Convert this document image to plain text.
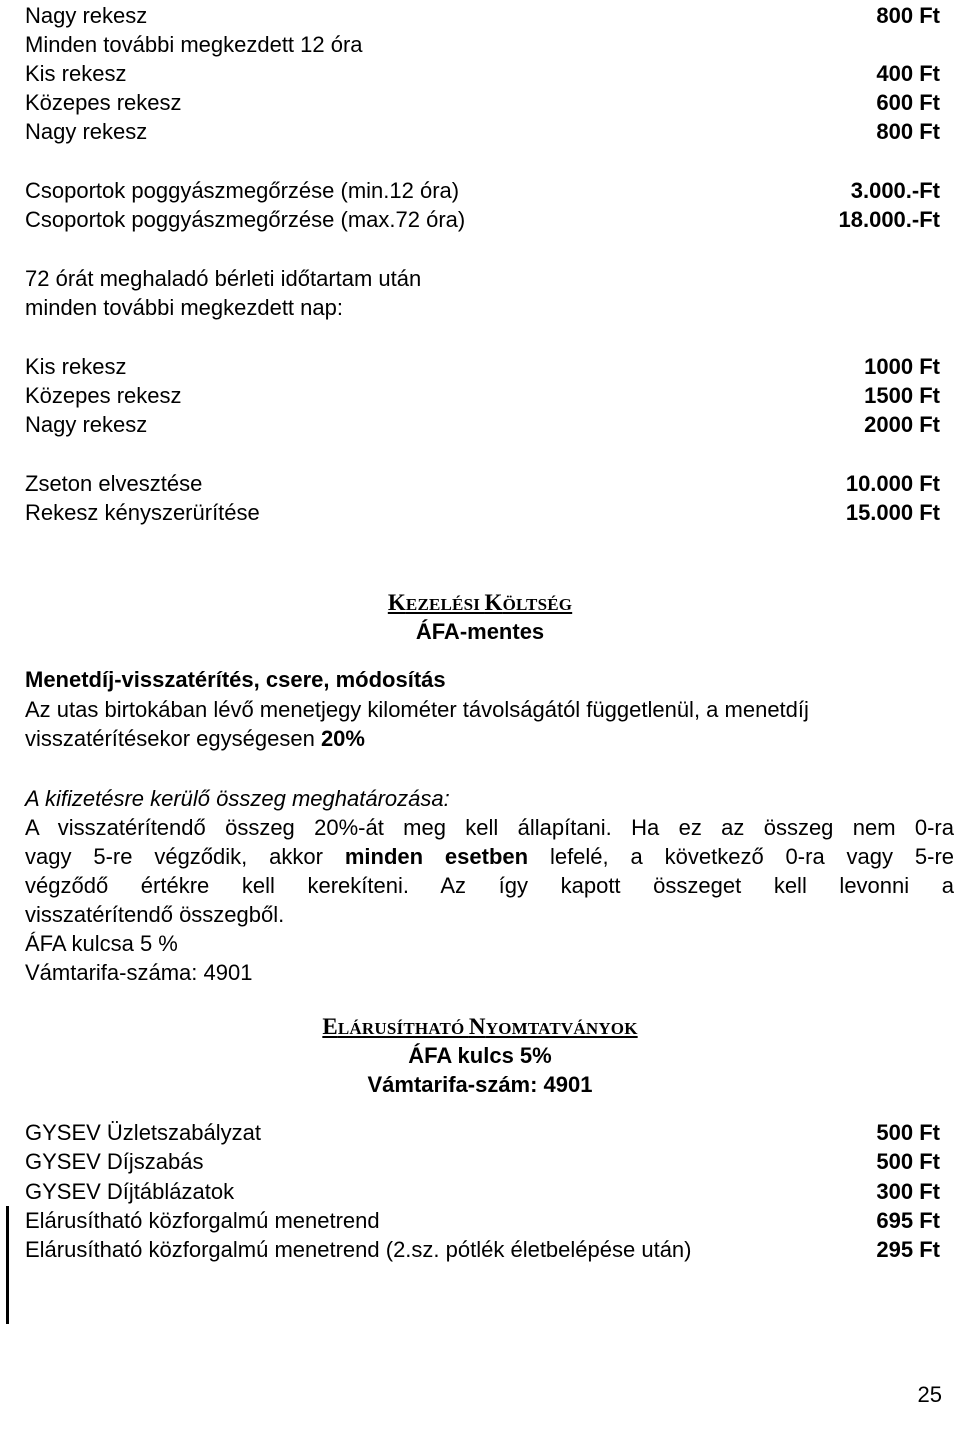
Nagy rekesz	800 Ft
Minden további megkezdett 12 óra
Kis rekesz	400 Ft
Közepes rekesz	600 Ft
Nagy rekesz	800 Ft
Csoportok poggyászmegőrzése (min.12 óra)	3.000.-Ft
Csoportok poggyászmegőrzése (max.72 óra)	18.000.-Ft
72 órát meghaladó bérleti időtartam után
minden további megkezdett nap:
Kis rekesz	1000 Ft
Közepes rekesz	1500 Ft
Nagy rekesz	2000 Ft
Zseton elvesztése	10.000 Ft
Rekesz kényszerürítése	15.000 Ft
KEZELÉSI KÖLTSÉG
ÁFA-mentes
Menetdíj-visszatérítés, csere, módosítás
Az utas birtokában lévő menetjegy kilométer távolságától függetlenül, a menetdíj
visszatérítésekor egységesen 20%
A kifizetésre kerülő összeg meghatározása:
A visszatérítendő összeg 20%-át meg kell állapítani. Ha ez az összeg nem 0-ra
vagy 5-re végződik, akkor minden esetben lefelé, a következő 0-ra vagy 5-re
végződő értékre kell kerekíteni. Az így kapott összeget kell levonni a
visszatérítendő összegből.
ÁFA kulcsa 5 %
Vámtarifa-száma: 4901
ELÁRUSÍTHATÓ NYOMTATVÁNYOK
ÁFA kulcs 5%
Vámtarifa-szám: 4901
GYSEV Üzletszabályzat	500 Ft
GYSEV Díjszabás	500 Ft
GYSEV Díjtáblázatok	300 Ft
Elárusítható közforgalmú menetrend	695 Ft
Elárusítható közforgalmú menetrend (2.sz. pótlék életbelépése után)	295 Ft
25
